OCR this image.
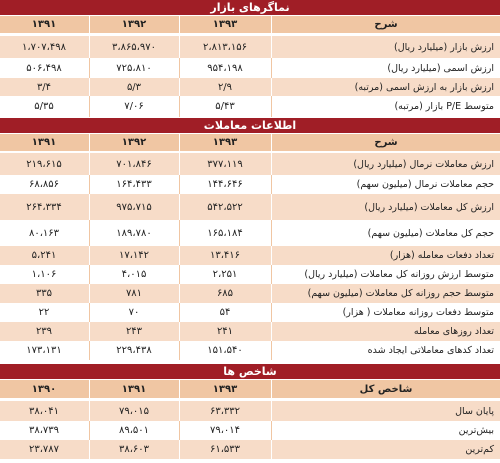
نماگرهای بازار
شرح
۱۳۹۳
۱۳۹۲
۱۳۹۱
ارزش بازار (میلیارد ریال)
۲،۸۱۳،۱۵۶
۳،۸۶۵،۹۷۰
۱،۷۰۷،۴۹۸
ارزش اسمی (میلیارد ریال)
۹۵۴،۱۹۸
۷۲۵،۸۱۰
۵۰۶،۴۹۸
ارزش بازار به ارزش اسمی (مرتبه)
۲/۹
۵/۳
۳/۴
متوسط P/E بازار (مرتبه)
۵/۴۳
۷/۰۶
۵/۳۵
اطلاعات معاملات
شرح
۱۳۹۳
۱۳۹۲
۱۳۹۱
ارزش معاملات نرمال (میلیارد ریال)
۳۷۷،۱۱۹
۷۰۱،۸۴۶
۲۱۹،۶۱۵
حجم معاملات نرمال (میلیون سهم)
۱۴۴،۶۴۶
۱۶۴،۴۳۳
۶۸،۸۵۶
ارزش کل معاملات (میلیارد ریال)
۵۴۲،۵۲۲
۹۷۵،۷۱۵
۲۶۴،۳۳۴
حجم کل معاملات (میلیون سهم)
۱۶۵،۱۸۴
۱۸۹،۷۸۰
۸۰،۱۶۳
تعداد دفعات معامله (هزار)
۱۳،۴۱۶
۱۷،۱۴۲
۵،۲۴۱
متوسط ارزش روزانه کل معاملات (میلیارد ریال)
۲،۲۵۱
۴،۰۱۵
۱،۱۰۶
متوسط حجم روزانه کل معاملات (میلیون سهم)
۶۸۵
۷۸۱
۳۳۵
متوسط دفعات روزانه معاملات ( هزار)
۵۴
۷۰
۲۲
تعداد روزهای معامله
۲۴۱
۲۴۳
۲۳۹
تعداد کدهای معاملاتی ایجاد شده
۱۵۱،۵۴۰
۲۲۹،۴۳۸
۱۷۳،۱۳۱
شاخص ها
شاخص کل
۱۳۹۳
۱۳۹۱
۱۳۹۰
پایان سال
۶۳،۳۳۲
۷۹،۰۱۵
۳۸،۰۴۱
بیش‌ترین
۷۹،۰۱۴
۸۹،۵۰۱
۳۸،۷۳۹
کم‌ترین
۶۱،۵۳۳
۳۸،۶۰۳
۲۳،۷۸۷
